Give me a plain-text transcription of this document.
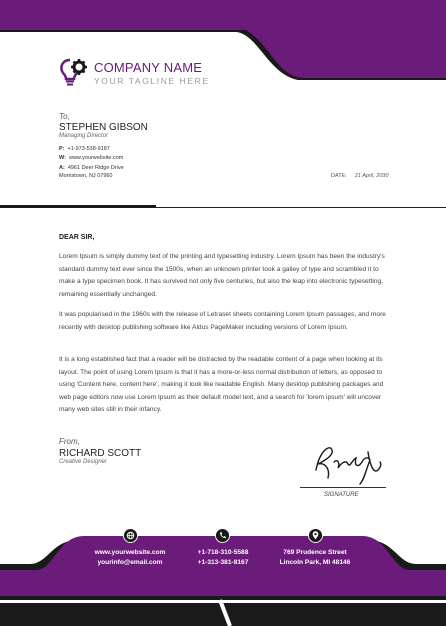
COMPANY NAME
YOUR TAGLINE HERE
To,
STEPHEN GIBSON
Managing Director
P: +1-973-538-9187
W: www.yourwebsite.com
A: 4961 Deer Ridge Drive
Morristown, NJ 07960	DATE: 21 April, 2030
DEAR SIR,
Lorem Ipsum is simply dummy text of the printing and typesetting industry. Lorem Ipsum has been the industry's standard dummy text ever since the 1500s, when an unknown printer took a galley of type and scrambled it to make a type specimen book. It has survived not only five centuries, but also the leap into electronic typesetting, remaining essentially unchanged.
It was popularised in the 1960s with the release of Letraset sheets containing Lorem Ipsum passages, and more recently with desktop publishing software like Aldus PageMaker including versions of Lorem Ipsum.
It is a long established fact that a reader will be distracted by the readable content of a page when looking at its layout. The point of using Lorem Ipsum is that it has a more-or-less normal distribution of letters, as opposed to using 'Content here, content here', making it look like readable English. Many desktop publishing packages and web page editors now use Lorem Ipsum as their default model text, and a search for 'lorem ipsum' will uncover many web sites still in their infancy.
From,
RICHARD SCOTT
Creative Designer
SIGNATURE
www.yourwebsite.com
yourinfo@email.com
+1-718-310-5588
+1-313-381-8167
769 Prudence Street
Lincoln Park, MI 48146
